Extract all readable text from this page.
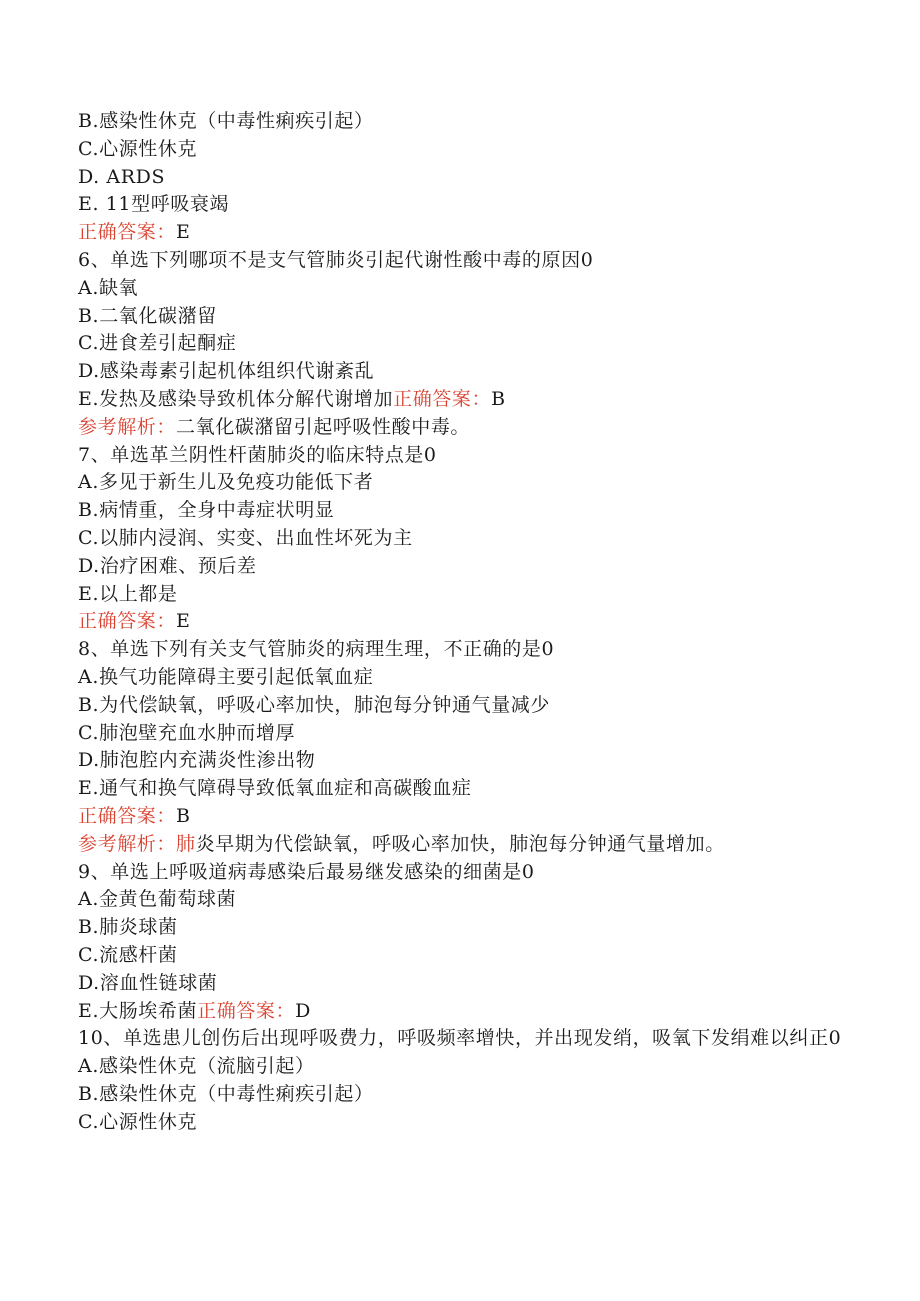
B.感染性休克（中毒性痢疾引起）
C.心源性休克
D. ARDS
E. 11型呼吸衰竭
正确答案：E
6、单选下列哪项不是支气管肺炎引起代谢性酸中毒的原因0
A.缺氧
B.二氧化碳潴留
C.进食差引起酮症
D.感染毒素引起机体组织代谢紊乱
E.发热及感染导致机体分解代谢增加正确答案：B
参考解析：二氧化碳潴留引起呼吸性酸中毒。
7、单选革兰阴性杆菌肺炎的临床特点是0
A.多见于新生儿及免疫功能低下者
B.病情重，全身中毒症状明显
C.以肺内浸润、实变、出血性坏死为主
D.治疗困难、预后差
E.以上都是
正确答案：E
8、单选下列有关支气管肺炎的病理生理，不正确的是0
A.换气功能障碍主要引起低氧血症
B.为代偿缺氧，呼吸心率加快，肺泡每分钟通气量减少
C.肺泡壁充血水肿而增厚
D.肺泡腔内充满炎性渗出物
E.通气和换气障碍导致低氧血症和高碳酸血症
正确答案：B
参考解析：肺炎早期为代偿缺氧，呼吸心率加快，肺泡每分钟通气量增加。
9、单选上呼吸道病毒感染后最易继发感染的细菌是0
A.金黄色葡萄球菌
B.肺炎球菌
C.流感杆菌
D.溶血性链球菌
E.大肠埃希菌正确答案：D
10、单选患儿创伤后出现呼吸费力，呼吸频率增快，并出现发绡，吸氧下发绢难以纠正0
A.感染性休克（流脑引起）
B.感染性休克（中毒性痢疾引起）
C.心源性休克
